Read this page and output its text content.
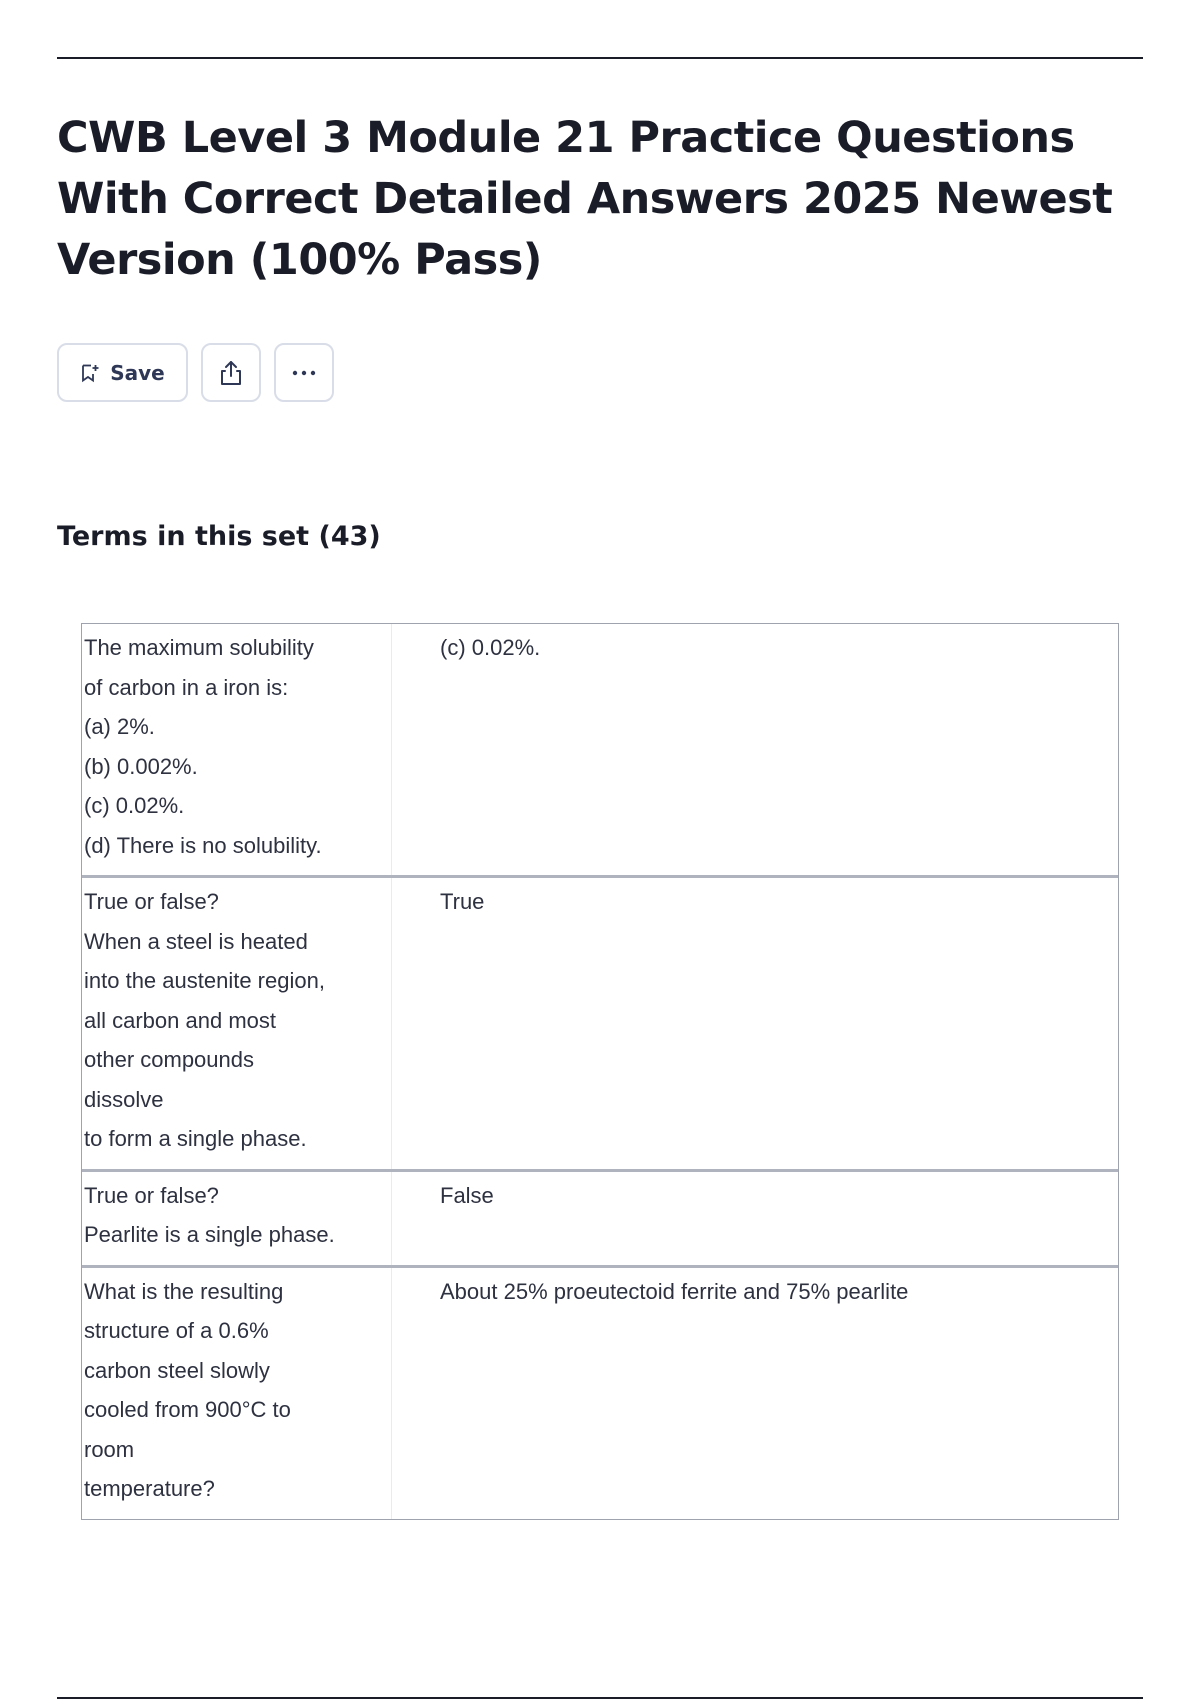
CWB Level 3 Module 21 Practice Questions With Correct Detailed Answers 2025 Newest Version (100% Pass)
Save
Terms in this set (43)
The maximum solubility
of carbon in a iron is:
(a) 2%.
(b) 0.002%.
(c) 0.02%.
(d) There is no solubility.
(c) 0.02%.
True or false?
When a steel is heated
into the austenite region,
all carbon and most
other compounds
dissolve
to form a single phase.
True
True or false?
Pearlite is a single phase.
False
What is the resulting
structure of a 0.6%
carbon steel slowly
cooled from 900°C to
room
temperature?
About 25% proeutectoid ferrite and 75% pearlite
